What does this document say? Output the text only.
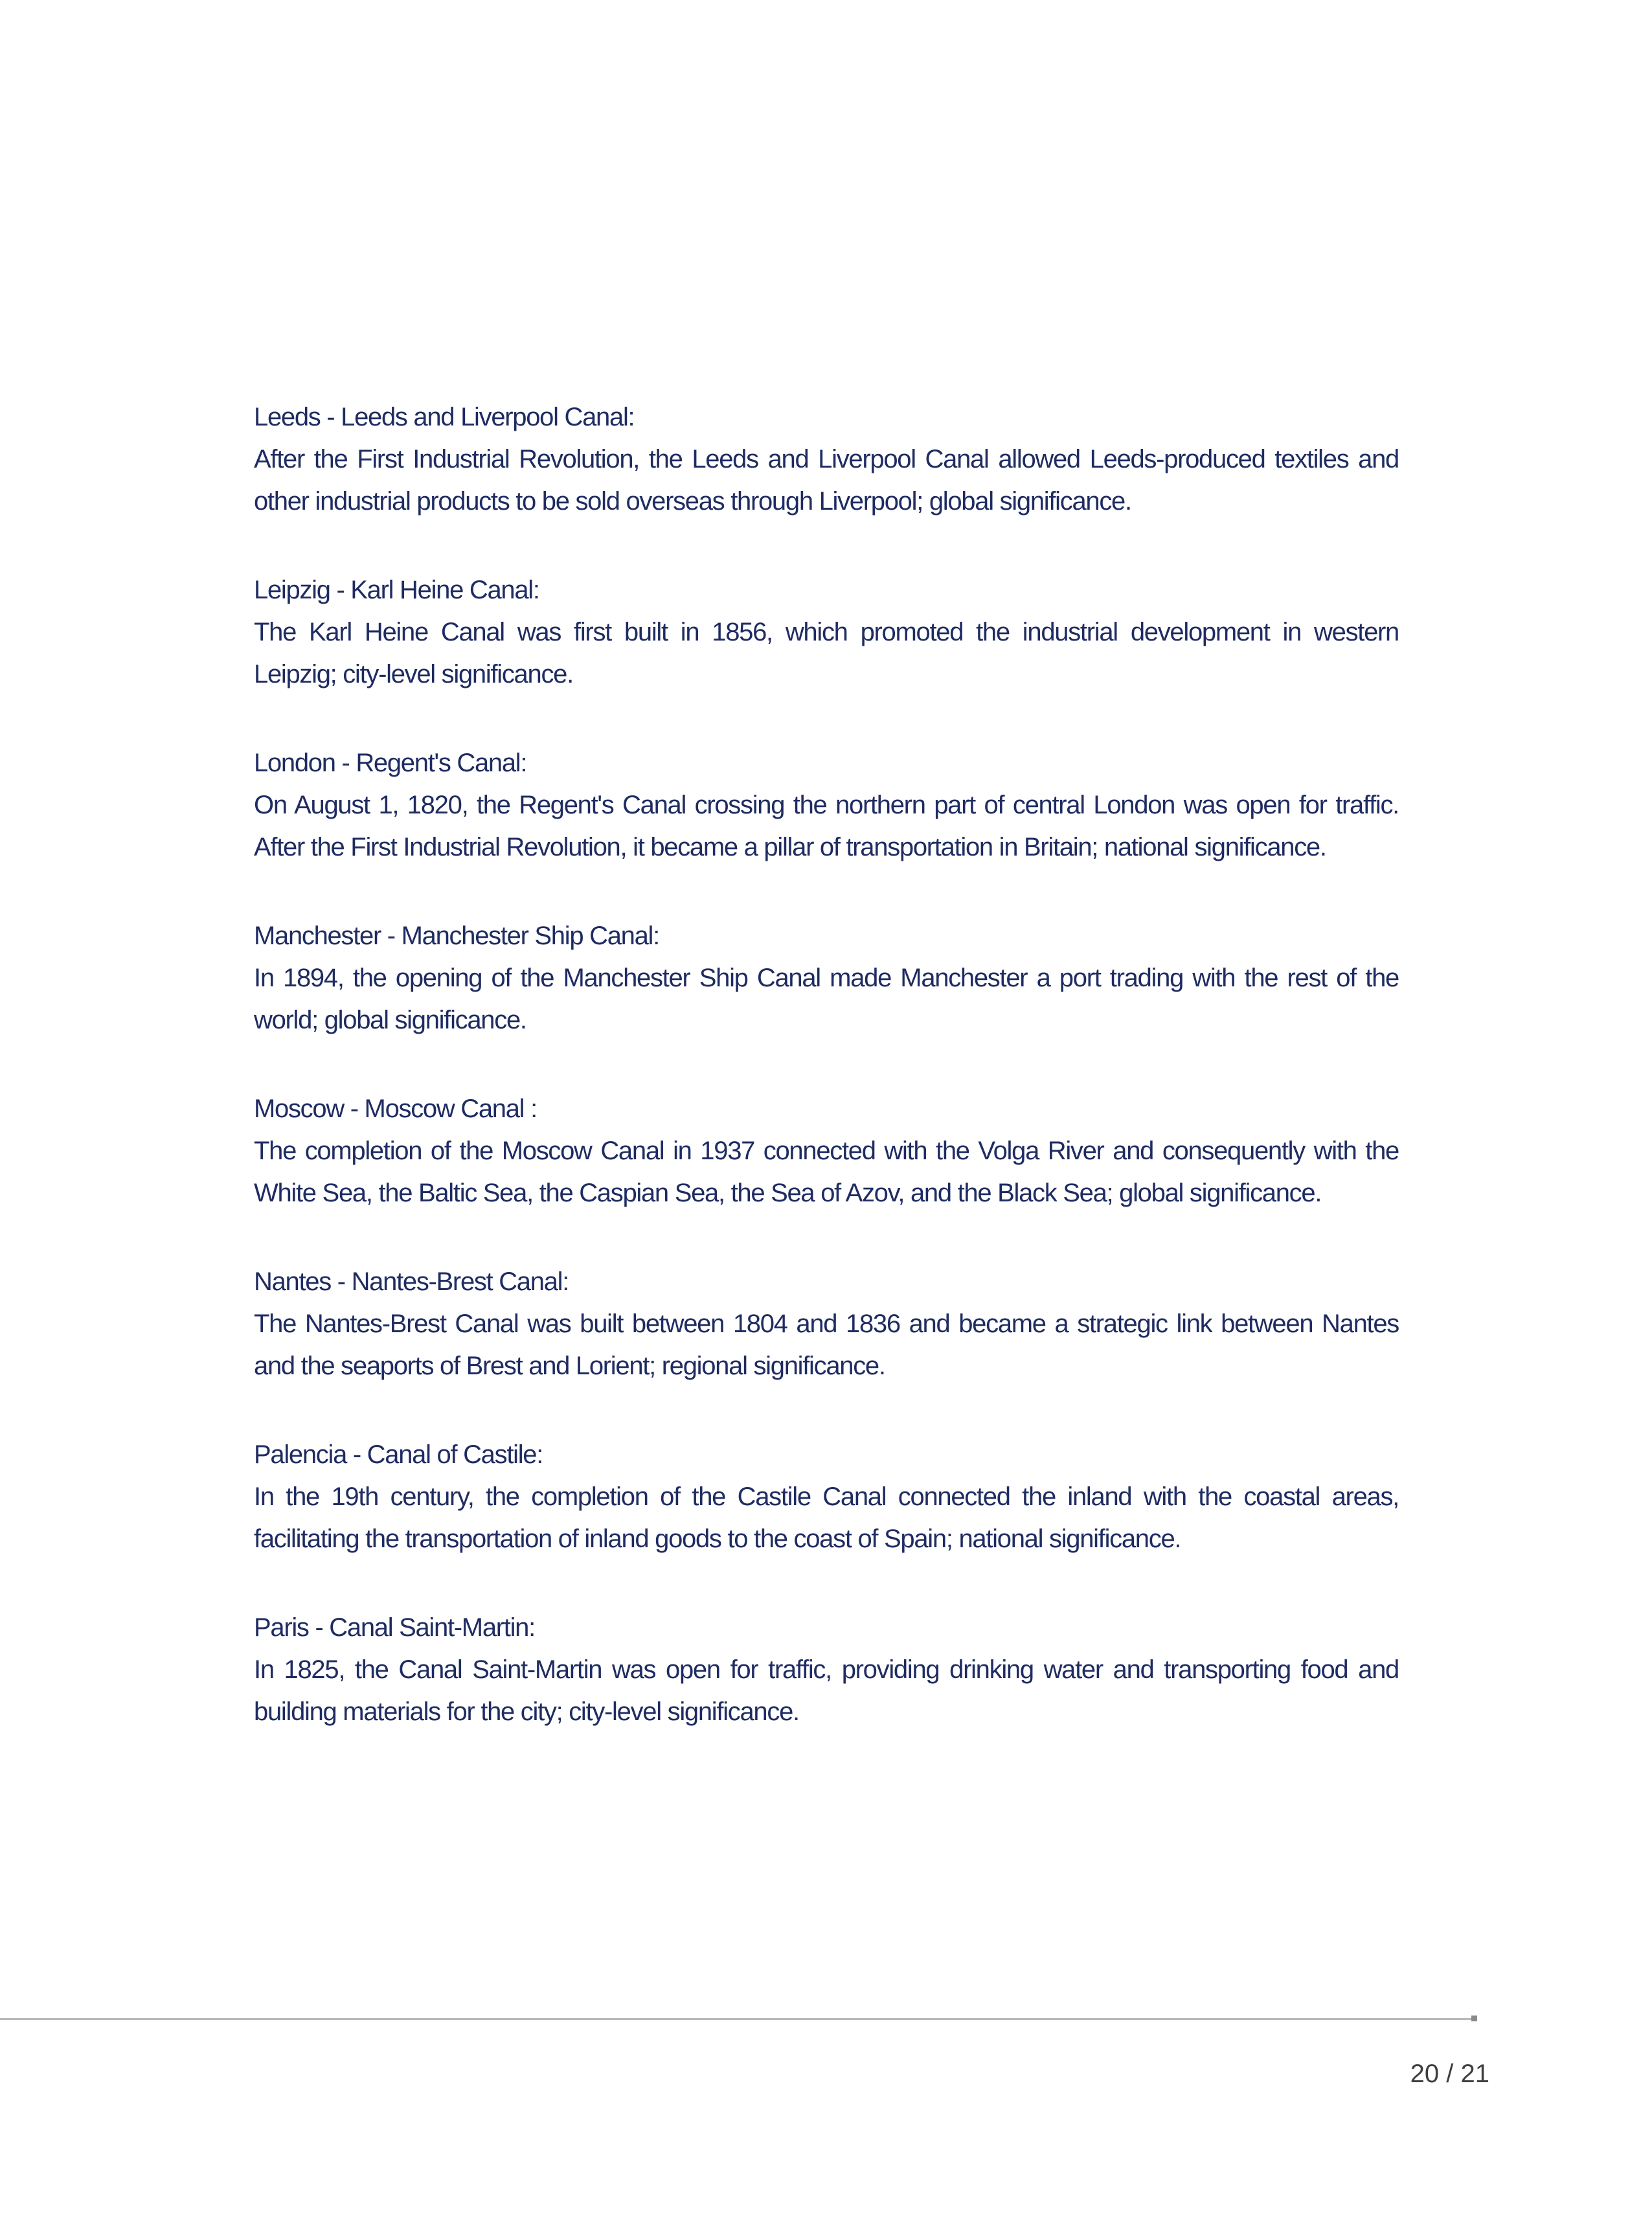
Leeds - Leeds and Liverpool Canal:
After the First Industrial Revolution, the Leeds and Liverpool Canal allowed Leeds-produced textiles and
other industrial products to be sold overseas through Liverpool; global significance.
Leipzig - Karl Heine Canal:
The Karl Heine Canal was first built in 1856, which promoted the industrial development in western
Leipzig; city-level significance.
London - Regent's Canal:
On August 1, 1820, the Regent's Canal crossing the northern part of central London was open for traffic.
After the First Industrial Revolution, it became a pillar of transportation in Britain; national significance.
Manchester - Manchester Ship Canal:
In 1894, the opening of the Manchester Ship Canal made Manchester a port trading with the rest of the
world; global significance.
Moscow - Moscow Canal :
The completion of the Moscow Canal in 1937 connected with the Volga River and consequently with the
White Sea, the Baltic Sea, the Caspian Sea, the Sea of Azov, and the Black Sea; global significance.
Nantes - Nantes-Brest Canal:
The Nantes-Brest Canal was built between 1804 and 1836 and became a strategic link between Nantes
and the seaports of Brest and Lorient; regional significance.
Palencia - Canal of Castile:
In the 19th century, the completion of the Castile Canal connected the inland with the coastal areas,
facilitating the transportation of inland goods to the coast of Spain; national significance.
Paris - Canal Saint-Martin:
In 1825, the Canal Saint-Martin was open for traffic, providing drinking water and transporting food and
building materials for the city; city-level significance.
20 / 21
